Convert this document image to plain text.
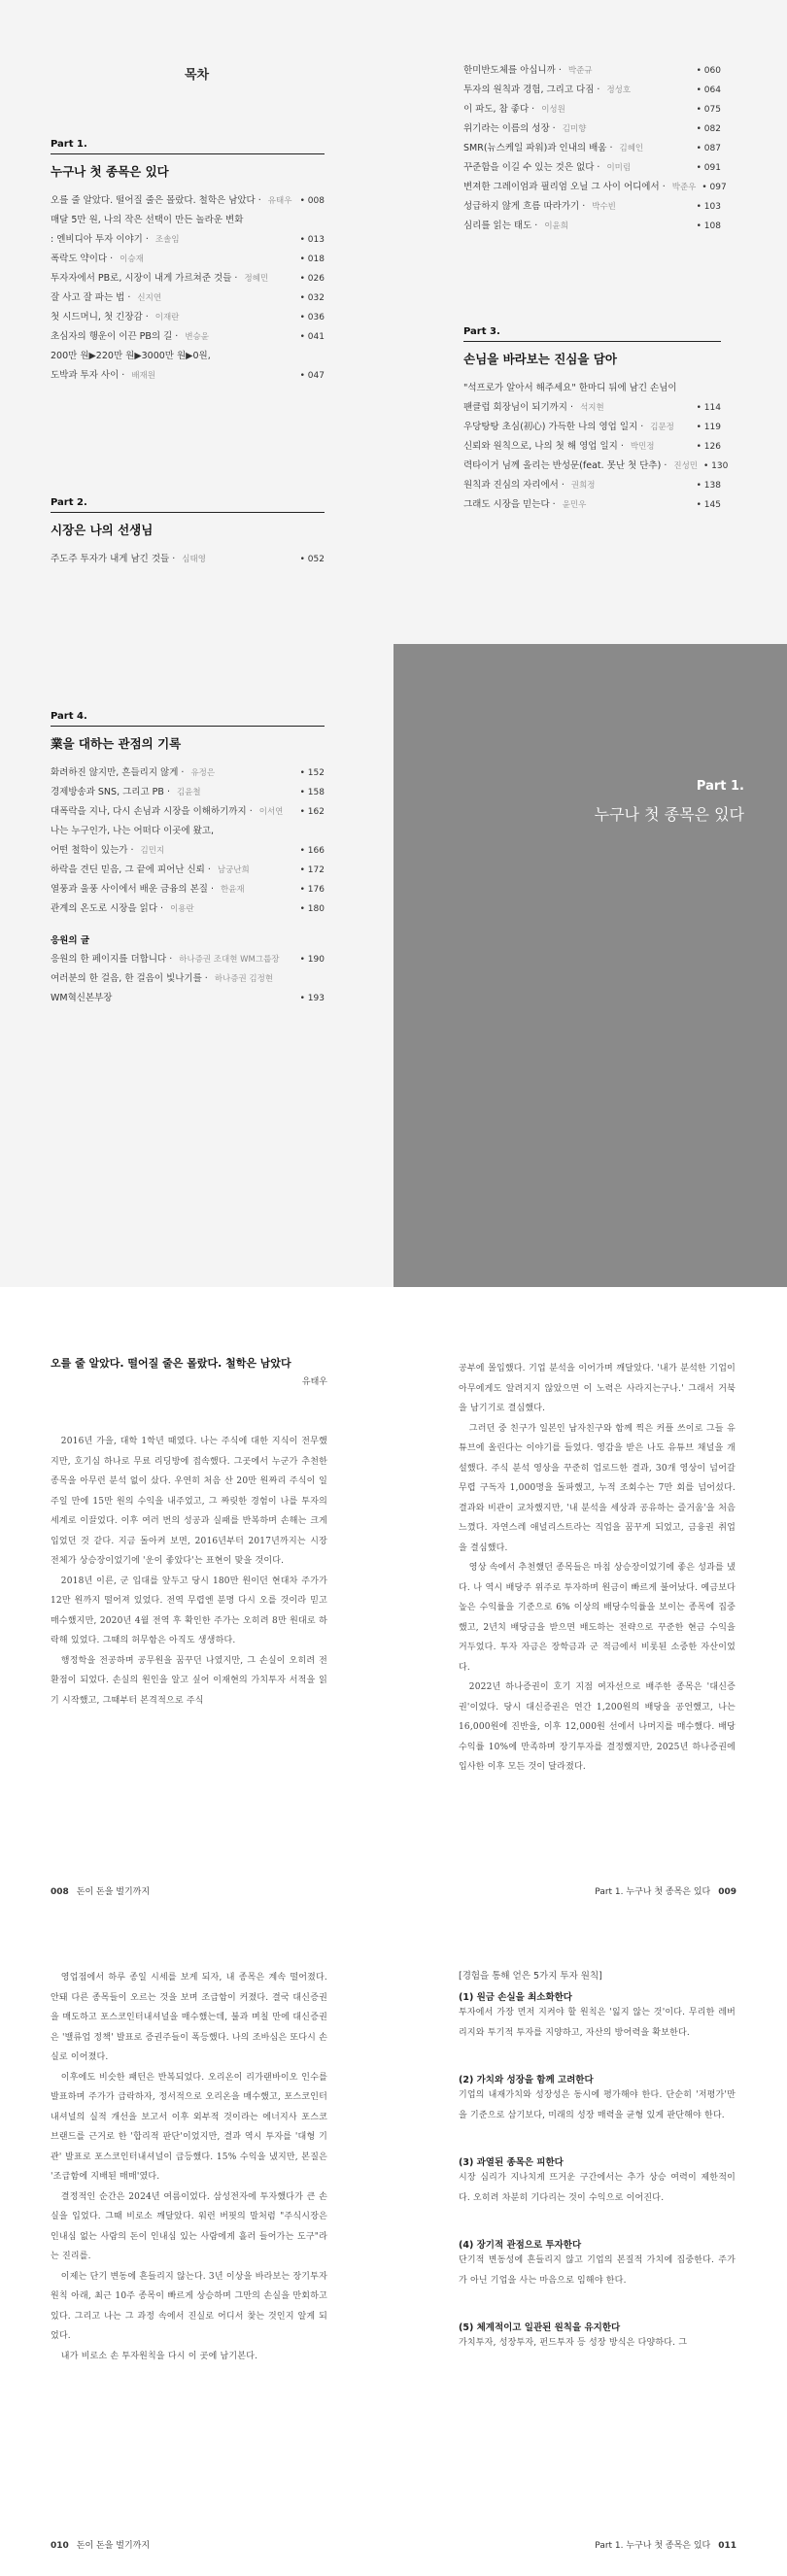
목차
Part 1.
누구나 첫 종목은 있다
오를 줄 알았다. 떨어질 줄은 몰랐다. 철학은 남았다 · 유태우 • 008
매달 5만 원, 나의 작은 선택이 만든 놀라운 변화
: 엔비디아 투자 이야기 · 조솔임	• 013
폭락도 약이다 · 이승재	• 018
투자자에서 PB로, 시장이 내게 가르쳐준 것들 · 정혜민	• 026
잘 사고 잘 파는 법 · 신지연	• 032
첫 시드머니, 첫 긴장감 · 이재란	• 036
초심자의 행운이 이끈 PB의 길 · 변승윤	• 041
200만 원▶220만 원▶3000만 원▶0원,
도박과 투자 사이 · 배재원	• 047
Part 2.
시장은 나의 선생님
주도주 투자가 내게 남긴 것들 · 심태영	• 052
Part 4.
業을 대하는 관점의 기록
화려하진 않지만, 흔들리지 않게 · 유정은	• 152
경제방송과 SNS, 그리고 PB · 김윤철	• 158
대폭락을 지나, 다시 손님과 시장을 이해하기까지 · 이서연	• 162
나는 누구인가, 나는 어떠다 이곳에 왔고,
어떤 철학이 있는가 · 김민지	• 166
하락을 견딘 믿음, 그 끝에 피어난 신뢰 · 남궁난희	• 172
열풍과 울풍 사이에서 배운 금융의 본질 · 한윤재	• 176
관계의 온도로 시장을 읽다 · 이용란	• 180
응원의 글
응원의 한 페이지를 더합니다 · 하나증권 조대현 WM그룹장	• 190
여러분의 한 걸음, 한 걸음이 빛나기를 · 하나증권 김정현
WM혁신본부장	• 193
한미반도체를 아십니까 · 박준규	• 060
투자의 원칙과 경험, 그리고 다짐 · 정성호	• 064
이 파도, 참 좋다 · 이성원	• 075
위기라는 이름의 성장 · 김미향	• 082
SMR(뉴스케일 파워)과 인내의 배움 · 김혜인	• 087
꾸준함을 이길 수 있는 것은 없다 · 이미림	• 091
변져한 그레이엄과 필리엄 오닐 그 사이 어디에서 · 박준우 • 097
성급하지 않게 흐름 따라가기 · 박수빈	• 103
심리를 읽는 태도 · 이윤희	• 108
Part 3.
손님을 바라보는 진심을 담아
"석프로가 알아서 해주세요" 한마디 뒤에 남긴 손님이
팬클럽 회장님이 되기까지 · 석지현	• 114
우당탕탕 초심(初心) 가득한 나의 영업 일지 · 김문정	• 119
신뢰와 원칙으로, 나의 첫 해 영업 일지 · 박민정	• 126
력타이거 님께 올리는 반성문(feat. 못난 첫 단추) · 진성민 • 130
원칙과 진심의 자리에서 · 권희정	• 138
그래도 시장을 믿는다 · 윤민우	• 145
Part 1.
누구나 첫 종목은 있다
오를 줄 알았다. 떨어질 줄은 몰랐다. 철학은 남았다
유태우

2016년 가을, 대학 1학년 때였다. 나는 주식에 대한 지식이 전무했지만, 호기심 하나로 무료 리딩방에 접속했다. 그곳에서 누군가 추천한 종목을 아무런 분석 없이 샀다. 우연히 처음 산 20만 원짜리 주식이 일주일 만에 15만 원의 수익을 내주었고, 그 짜릿한 경험이 나를 투자의 세계로 이끌었다. 이후 여러 번의 성공과 실패를 반복하며 손해는 크게 입었던 것 같다. 지금 돌아켜 보면, 2016년부터 2017년까지는 시장 전체가 상승장이었기에 '운이 좋았다'는 표현이 맞을 것이다.

2018년 이른, 군 입대를 앞두고 당시 180만 원이던 현대차 주가가 12만 원까지 떨어져 있었다. 전역 무렵엔 분명 다시 오를 것이라 믿고 매수했지만, 2020년 4월 전역 후 확인한 주가는 오히려 8만 원대로 하락해 있었다. 그때의 허무함은 아직도 생생하다.

행정학을 전공하며 공무원을 꿈꾸던 나였지만, 그 손실이 오히려 전환점이 되었다. 손실의 원인을 알고 싶어 이재현의 가치투자 서적을 읽기 시작했고, 그때부터 본격적으로 주식

008 돈이 돈을 벌기까지

공부에 몰입했다. 기업 분석을 이어가며 깨달았다. '내가 분석한 기업이 아무에게도 알려지지 않았으면 이 노력은 사라지는구나.' 그래서 거북을 남기기로 결심했다.

그러던 중 친구가 일본인 남자친구와 함께 찍은 커플 쓰이로 그들 유튜브에 올린다는 이야기를 들었다. 영감을 받은 나도 유튜브 채널을 개설했다. 주식 분석 영상을 꾸준히 업로드한 결과, 30개 영상이 넘어갈 무렵 구독자 1,000명을 돌파했고, 누적 조회수는 7만 회를 넘어섰다. 결과와 비관이 교차했지만, '내 분석을 세상과 공유하는 즐거움'을 처음 느꼈다. 자연스레 애널리스트라는 직업을 꿈꾸게 되었고, 금융권 취업을 결심했다.

영상 속에서 추천했던 종목들은 마침 상승장이었기에 좋은 성과를 냈다. 나 역시 배당주 위주로 투자하며 원금이 빠르게 불어났다. 예금보다 높은 수익률을 기준으로 6% 이상의 배당수익률을 보이는 종목에 집중했고, 2년치 배당금을 받으면 배도하는 전략으로 꾸준한 현금 수익을 거두었다. 투자 자금은 장학금과 군 적금에서 비롯된 소중한 자산이었다.

2022년 하나증권이 호기 지점 여자선으로 배주한 종목은 '대신증권'이었다. 당시 대신증권은 연간 1,200원의 배당을 공언했고, 나는 16,000원에 진반을, 이후 12,000원 선에서 나머지를 매수했다. 배당수익률 10%에 만족하며 장기투자를 결정했지만, 2025년 하나증권에 입사한 이후 모든 것이 달라졌다.

Part 1. 누구나 첫 종목은 있다 009

영업점에서 하루 종일 시세를 보게 되자, 내 종목은 계속 떨어졌다. 안돼 다른 종목들이 오르는 것을 보며 조급함이 커졌다. 결국 대신증권을 매도하고 포스코인터내셔널을 매수했는데, 불과 며칠 만에 대신증권은 '밸류업 정책' 발표로 증권주들이 폭등했다. 나의 조바심은 또다시 손실로 이어졌다.

이후에도 비슷한 패턴은 반복되었다. 오리온이 리가랜바이오 인수를 발표하며 주가가 급락하자, 정서적으로 오리온을 매수했고, 포스코인터내셔널의 실적 개선을 보고서 이후 외부적 것이라는 에너지사 포스코 브랜드를 근거로 한 '합리적 판단'이었지만, 결과 역시 투자를 '대형 기관' 발표로 포스코인터내셔널이 급등했다. 15% 수익을 냈지만, 본질은 '조급함에 지배된 매매'였다.

결정적인 순간은 2024년 여름이었다. 삼성전자에 투자했다가 큰 손실을 입었다. 그때 비로소 깨달았다. 워런 버핏의 말처럼 "주식시장은 인내심 없는 사람의 돈이 인내심 있는 사람에게 흘러 들어가는 도구"라는 진리를.

이제는 단기 변동에 흔들리지 않는다. 3년 이상을 바라보는 장기투자 원칙 아래, 최근 10주 종목이 빠르게 상승하며 그만의 손실을 만회하고 있다. 그리고 나는 그 과정 속에서 진실로 어디서 찾는 것인지 알게 되었다.

내가 비로소 손 투자원칙을 다시 이 곳에 남기본다.

010 돈이 돈을 벌기까지
[경험을 통해 얻은 5가지 투자 원칙]
(1) 원금 손실을 최소화한다
투자에서 가장 먼저 지켜야 할 원칙은 '잃지 않는 것'이다. 무리한 레버리지와 투기적 투자를 지양하고, 자산의 방어력을 확보한다.
(2) 가치와 성장을 함께 고려한다
기업의 내재가치와 성장성은 동시에 평가해야 한다. 단순히 '저평가'만을 기준으로 삼기보다, 미래의 성장 매력을 균형 있게 판단해야 한다.
(3) 과열된 종목은 피한다
시장 심리가 지나치게 뜨거운 구간에서는 추가 상승 여력이 제한적이다. 오히려 차분히 기다리는 것이 수익으로 이어진다.
(4) 장기적 관점으로 투자한다
단기적 변동성에 흔들리지 않고 기업의 본질적 가치에 집중한다. 주가가 아닌 기업을 사는 마음으로 임해야 한다.
(5) 체계적이고 일관된 원칙을 유지한다
가치투자, 성장투자, 펀드투자 등 성장 방식은 다양하다. 그
Part 1. 누구나 첫 종목은 있다 011
